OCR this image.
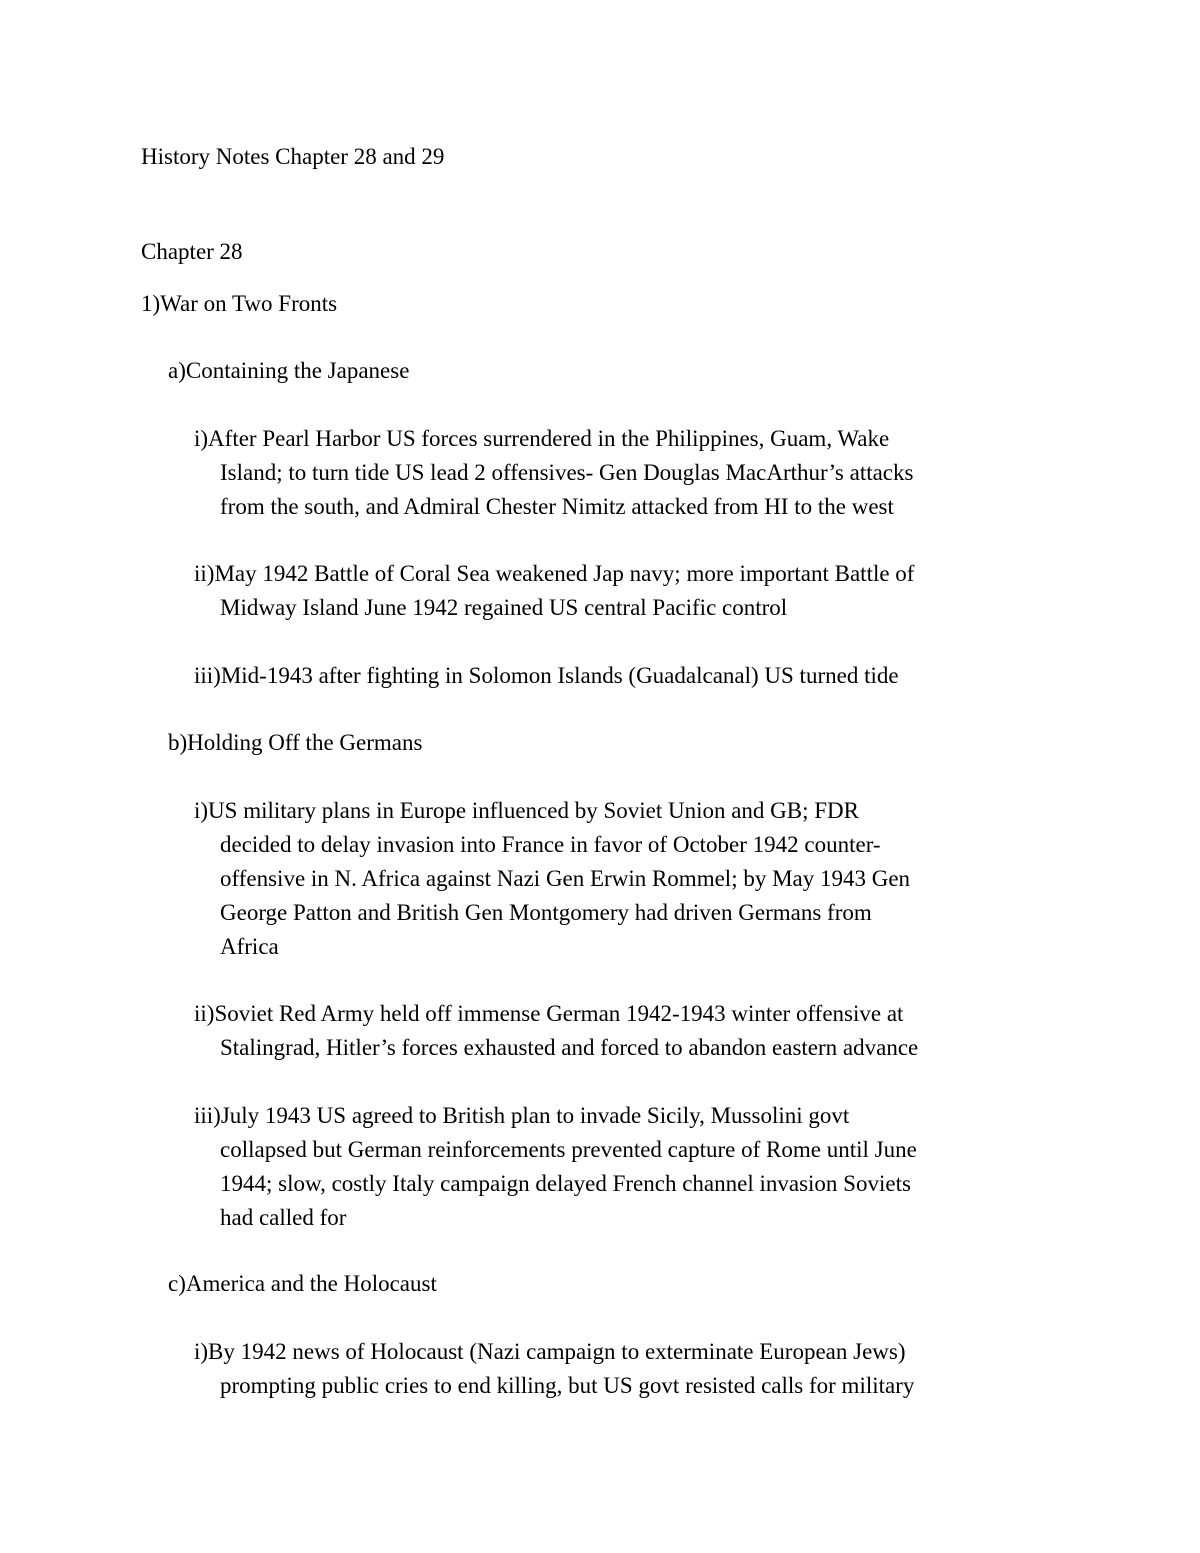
History Notes Chapter 28 and 29
Chapter 28
1)War on Two Fronts
a)Containing the Japanese
i)After Pearl Harbor US forces surrendered in the Philippines, Guam, Wake
Island; to turn tide US lead 2 offensives- Gen Douglas MacArthur’s attacks
from the south, and Admiral Chester Nimitz attacked from HI to the west
ii)May 1942 Battle of Coral Sea weakened Jap navy; more important Battle of
Midway Island June 1942 regained US central Pacific control
iii)Mid-1943 after fighting in Solomon Islands (Guadalcanal) US turned tide
b)Holding Off the Germans
i)US military plans in Europe influenced by Soviet Union and GB; FDR
decided to delay invasion into France in favor of October 1942 counter-
offensive in N. Africa against Nazi Gen Erwin Rommel; by May 1943 Gen
George Patton and British Gen Montgomery had driven Germans from
Africa
ii)Soviet Red Army held off immense German 1942-1943 winter offensive at
Stalingrad, Hitler’s forces exhausted and forced to abandon eastern advance
iii)July 1943 US agreed to British plan to invade Sicily, Mussolini govt
collapsed but German reinforcements prevented capture of Rome until June
1944; slow, costly Italy campaign delayed French channel invasion Soviets
had called for
c)America and the Holocaust
i)By 1942 news of Holocaust (Nazi campaign to exterminate European Jews)
prompting public cries to end killing, but US govt resisted calls for military
